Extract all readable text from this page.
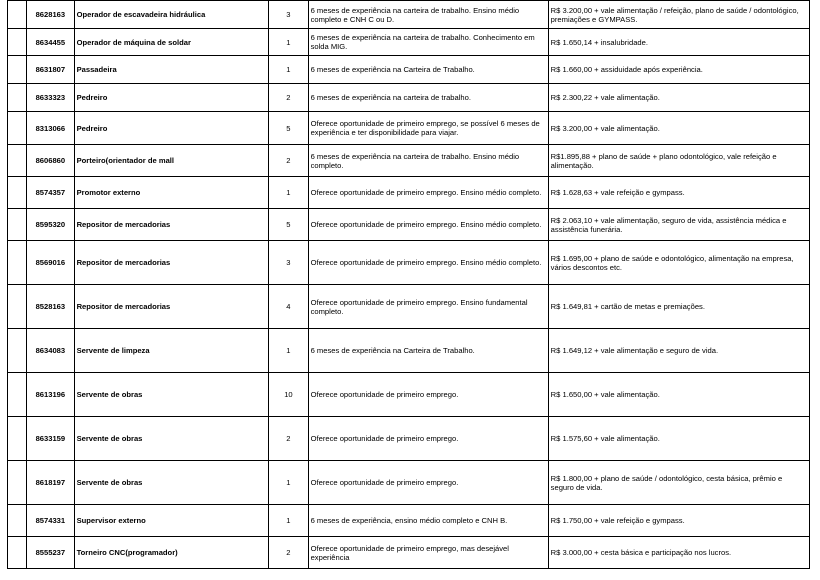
	8628163	Operador de escavadeira hidráulica	3	6 meses de experiência na carteira de trabalho. Ensino médio completo e CNH C ou D.	R$ 3.200,00 + vale alimentação / refeição, plano de saúde / odontológico, premiações e GYMPASS.
	8634455	Operador de máquina de soldar	1	6 meses de experiência na carteira de trabalho. Conhecimento em solda MIG.	R$ 1.650,14 + insalubridade.
	8631807	Passadeira	1	6 meses de experiência na Carteira de Trabalho.	R$ 1.660,00 + assiduidade após experiência.
	8633323	Pedreiro	2	6 meses de experiência na carteira de trabalho.	R$ 2.300,22 + vale alimentação.
	8313066	Pedreiro	5	Oferece oportunidade de primeiro emprego, se possível 6 meses de experiência e ter disponibilidade para viajar.	R$ 3.200,00 + vale alimentação.
	8606860	Porteiro(orientador de mall	2	6 meses de experiência na carteira de trabalho. Ensino médio completo.	R$1.895,88 + plano de saúde + plano odontológico, vale refeição e alimentação.
	8574357	Promotor externo	1	Oferece oportunidade de primeiro emprego. Ensino médio completo.	R$ 1.628,63 + vale refeição e gympass.
	8595320	Repositor de mercadorias	5	Oferece oportunidade de primeiro emprego. Ensino médio completo.	R$ 2.063,10 + vale alimentação, seguro de vida, assistência médica e assistência funerária.
	8569016	Repositor de mercadorias	3	Oferece oportunidade de primeiro emprego. Ensino médio completo.	R$ 1.695,00 + plano de saúde e odontológico, alimentação na empresa, vários descontos etc.
	8528163	Repositor de mercadorias	4	Oferece oportunidade de primeiro emprego. Ensino fundamental completo.	R$ 1.649,81 + cartão de metas e premiações.
	8634083	Servente de limpeza	1	6 meses de experiência na Carteira de Trabalho.	R$ 1.649,12 + vale alimentação e seguro de vida.
	8613196	Servente de obras	10	Oferece oportunidade de primeiro emprego.	R$ 1.650,00 + vale alimentação.
	8633159	Servente de obras	2	Oferece oportunidade de primeiro emprego.	R$ 1.575,60 + vale alimentação.
	8618197	Servente de obras	1	Oferece oportunidade de primeiro emprego.	R$ 1.800,00 + plano de saúde / odontológico, cesta básica, prêmio e seguro de vida.
	8574331	Supervisor externo	1	6 meses de experiência, ensino médio completo e CNH B.	R$ 1.750,00 + vale refeição e gympass.
	8555237	Torneiro CNC(programador)	2	Oferece oportunidade de primeiro emprego, mas desejável experiência	R$ 3.000,00 + cesta básica e participação nos lucros.
